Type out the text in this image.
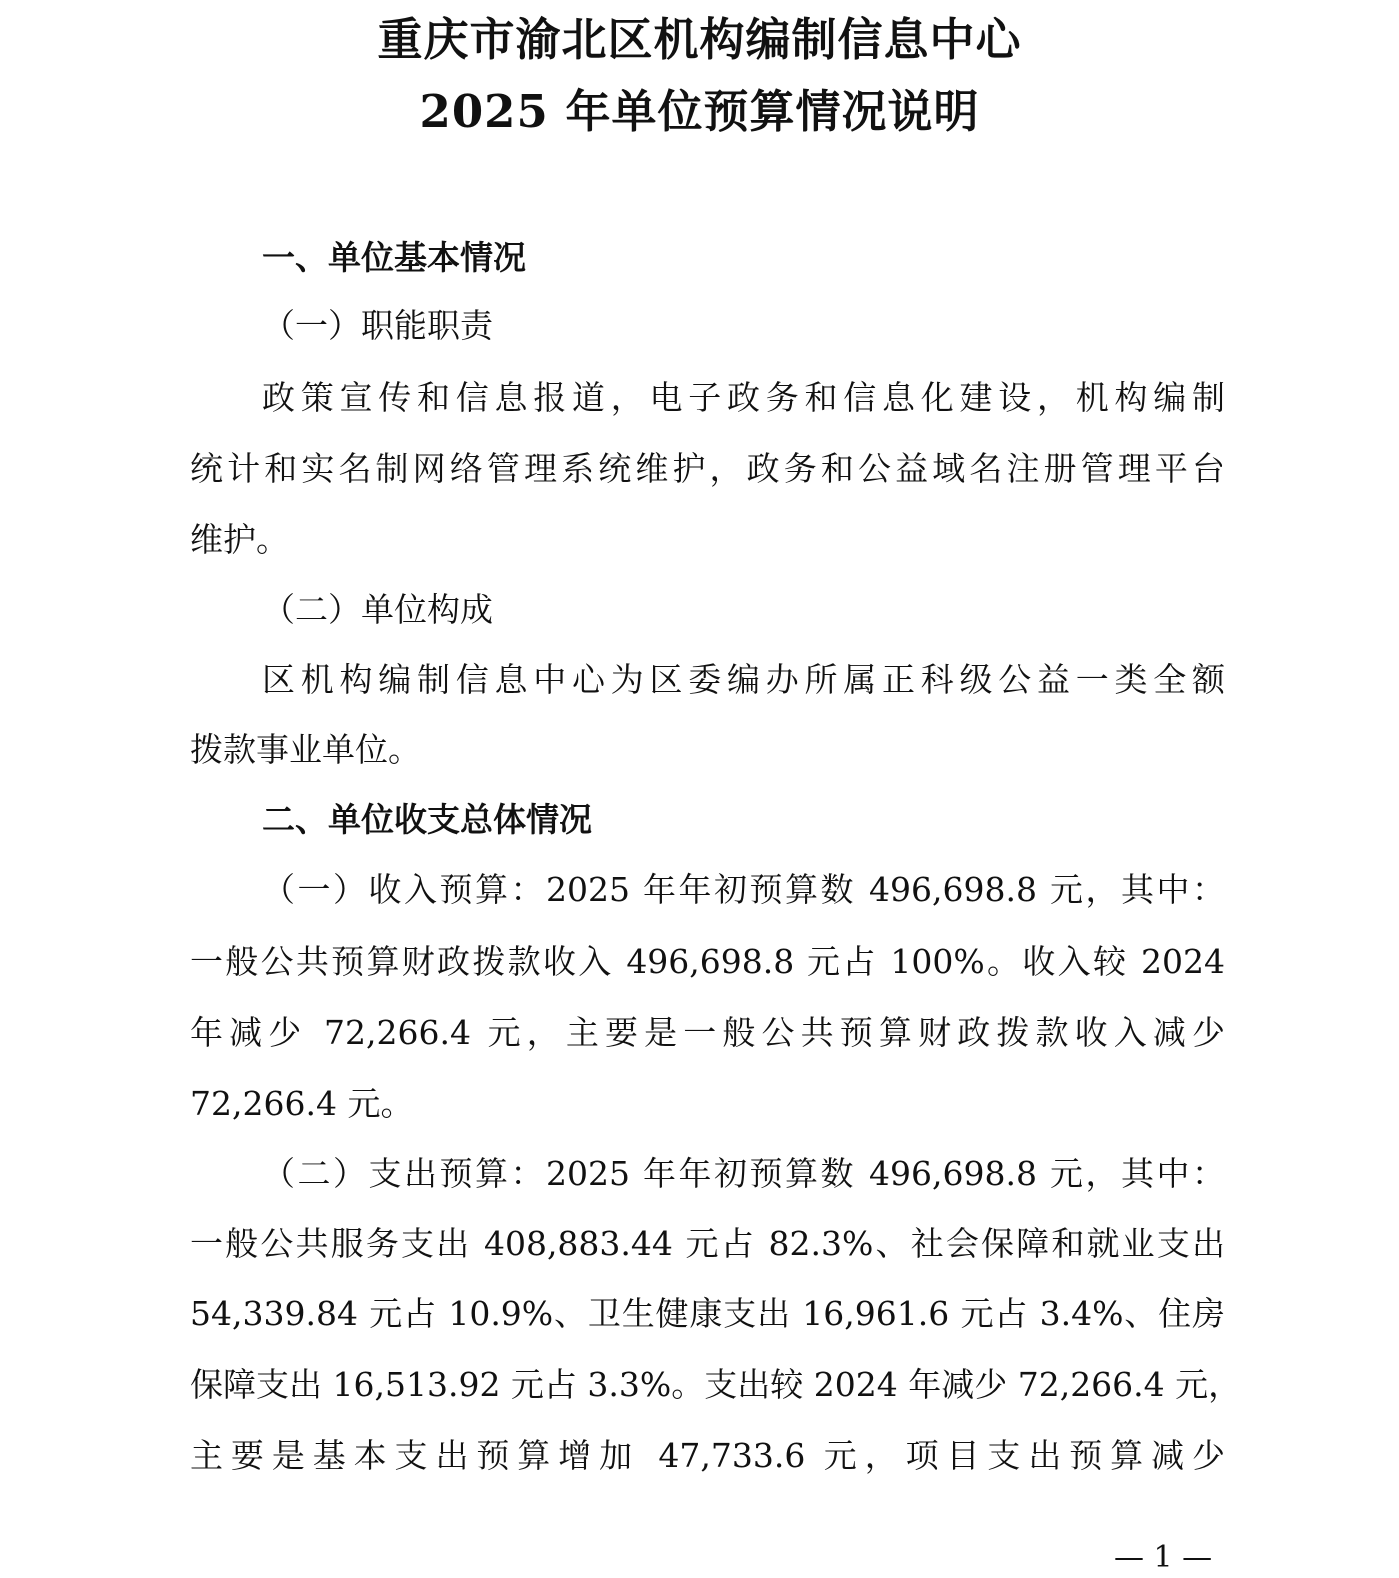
重庆市渝北区机构编制信息中心
2025 年单位预算情况说明

一、单位基本情况

（一）职能职责

政策宣传和信息报道，电子政务和信息化建设，机构编制

统计和实名制网络管理系统维护，政务和公益域名注册管理平台

维护。

（二）单位构成

区机构编制信息中心为区委编办所属正科级公益一类全额

拨款事业单位。

二、单位收支总体情况

（一）收入预算：2025 年年初预算数 496,698.8 元，其中：

一般公共预算财政拨款收入 496,698.8 元占 100%。收入较 2024

年减少 72,266.4 元，主要是一般公共预算财政拨款收入减少

72,266.4 元。

（二）支出预算：2025 年年初预算数 496,698.8 元，其中：

一般公共服务支出 408,883.44 元占 82.3%、社会保障和就业支出

54,339.84 元占 10.9%、卫生健康支出 16,961.6 元占 3.4%、住房

保障支出 16,513.92 元占 3.3%。支出较 2024 年减少 72,266.4 元，

主要是基本支出预算增加 47,733.6 元，项目支出预算减少

— 1 —
